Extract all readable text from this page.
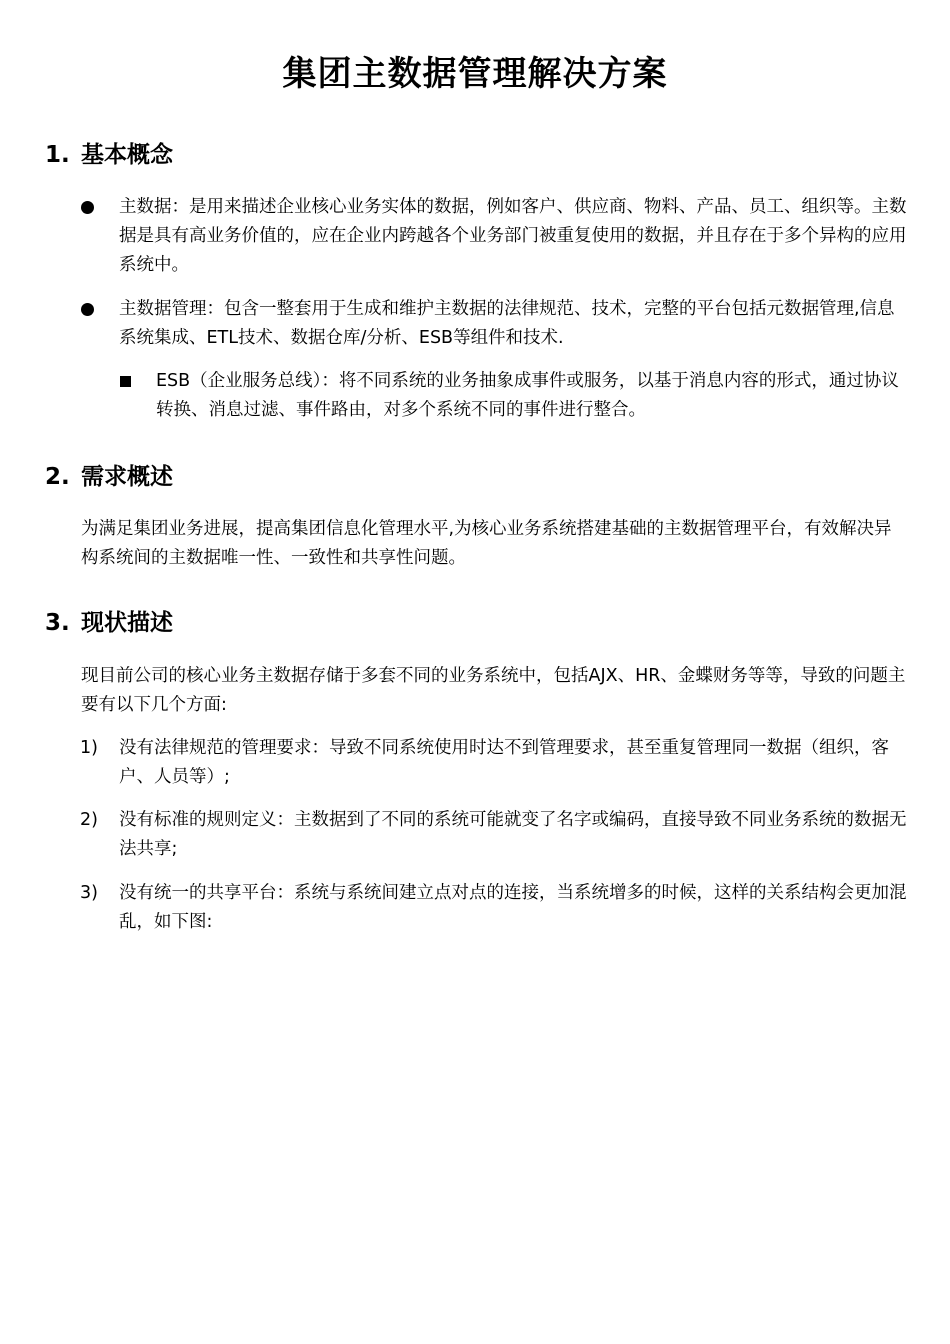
集团主数据管理解决方案
1. 基本概念
主数据：是用来描述企业核心业务实体的数据，例如客户、供应商、物料、产品、员工、组织等。主数据是具有高业务价值的，应在企业内跨越各个业务部门被重复使用的数据，并且存在于多个异构的应用系统中。
主数据管理：包含一整套用于生成和维护主数据的法律规范、技术，完整的平台包括元数据管理,信息系统集成、ETL技术、数据仓库/分析、ESB等组件和技术.
ESB（企业服务总线）：将不同系统的业务抽象成事件或服务，以基于消息内容的形式，通过协议转换、消息过滤、事件路由，对多个系统不同的事件进行整合。
2. 需求概述
为满足集团业务进展，提高集团信息化管理水平,为核心业务系统搭建基础的主数据管理平台，有效解决异构系统间的主数据唯一性、一致性和共享性问题。
3. 现状描述
现目前公司的核心业务主数据存储于多套不同的业务系统中，包括AJX、HR、金蝶财务等等，导致的问题主要有以下几个方面:
1) 没有法律规范的管理要求：导致不同系统使用时达不到管理要求，甚至重复管理同一数据（组织，客户、人员等）;
2) 没有标准的规则定义：主数据到了不同的系统可能就变了名字或编码，直接导致不同业务系统的数据无法共享;
3) 没有统一的共享平台：系统与系统间建立点对点的连接，当系统增多的时候，这样的关系结构会更加混乱，如下图:
